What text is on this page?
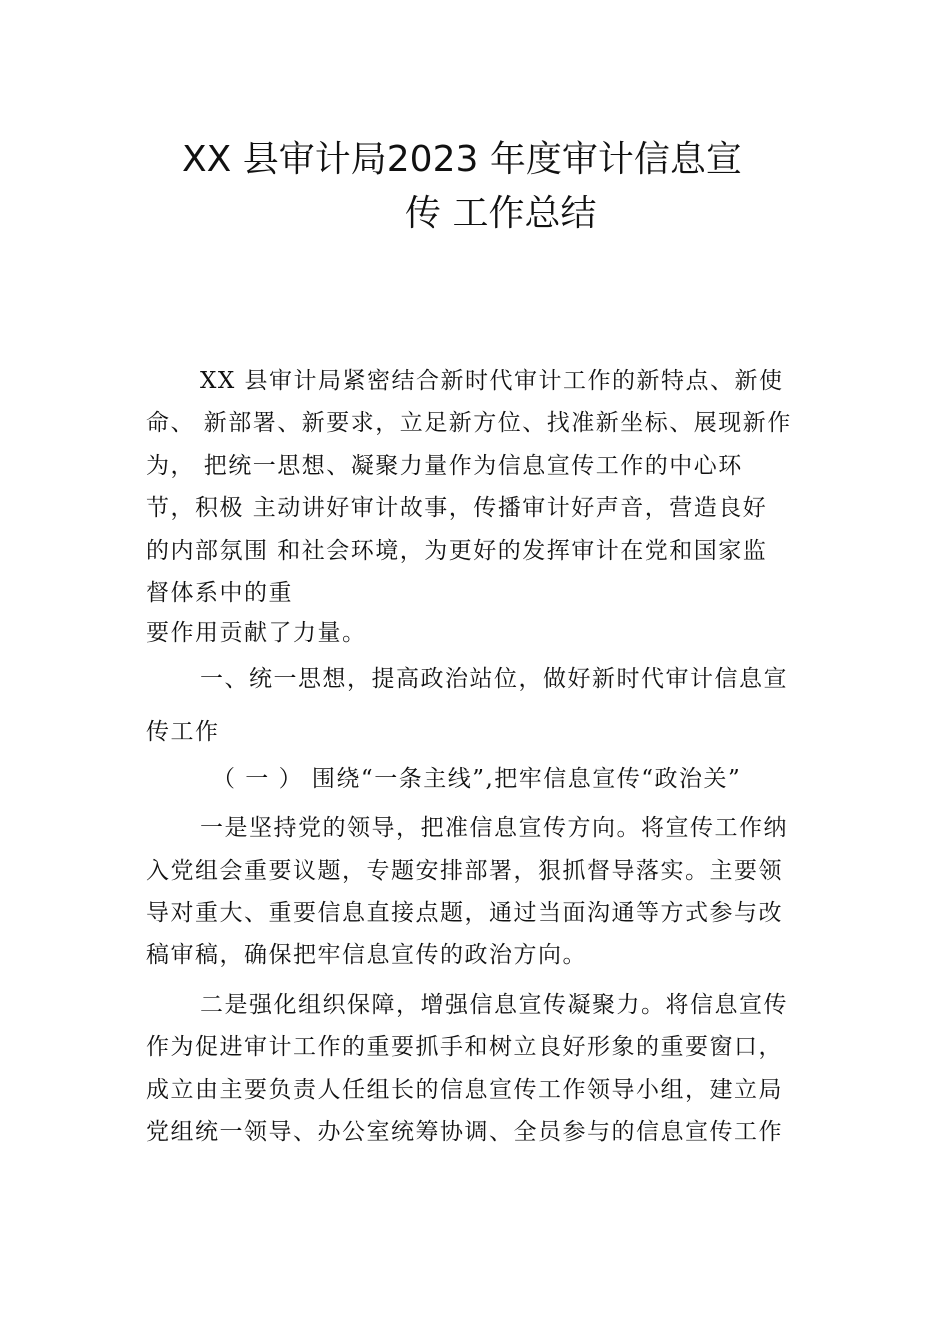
XX 县审计局2023 年度审计信息宣
传 工作总结
XX 县审计局紧密结合新时代审计工作的新特点、新使
命、 新部署、新要求，立足新方位、找准新坐标、展现新作
为， 把统一思想、凝聚力量作为信息宣传工作的中心环
节，积极 主动讲好审计故事，传播审计好声音，营造良好
的内部氛围 和社会环境，为更好的发挥审计在党和国家监
督体系中的重
要作用贡献了力量。
一、统一思想，提高政治站位，做好新时代审计信息宣
传工作
（ 一 ） 围绕“一条主线”,把牢信息宣传“政治关”
一是坚持党的领导，把准信息宣传方向。将宣传工作纳
入党组会重要议题，专题安排部署，狠抓督导落实。主要领
导对重大、重要信息直接点题，通过当面沟通等方式参与改
稿审稿，确保把牢信息宣传的政治方向。
二是强化组织保障，增强信息宣传凝聚力。将信息宣传
作为促进审计工作的重要抓手和树立良好形象的重要窗口，
成立由主要负责人任组长的信息宣传工作领导小组，建立局
党组统一领导、办公室统筹协调、全员参与的信息宣传工作
